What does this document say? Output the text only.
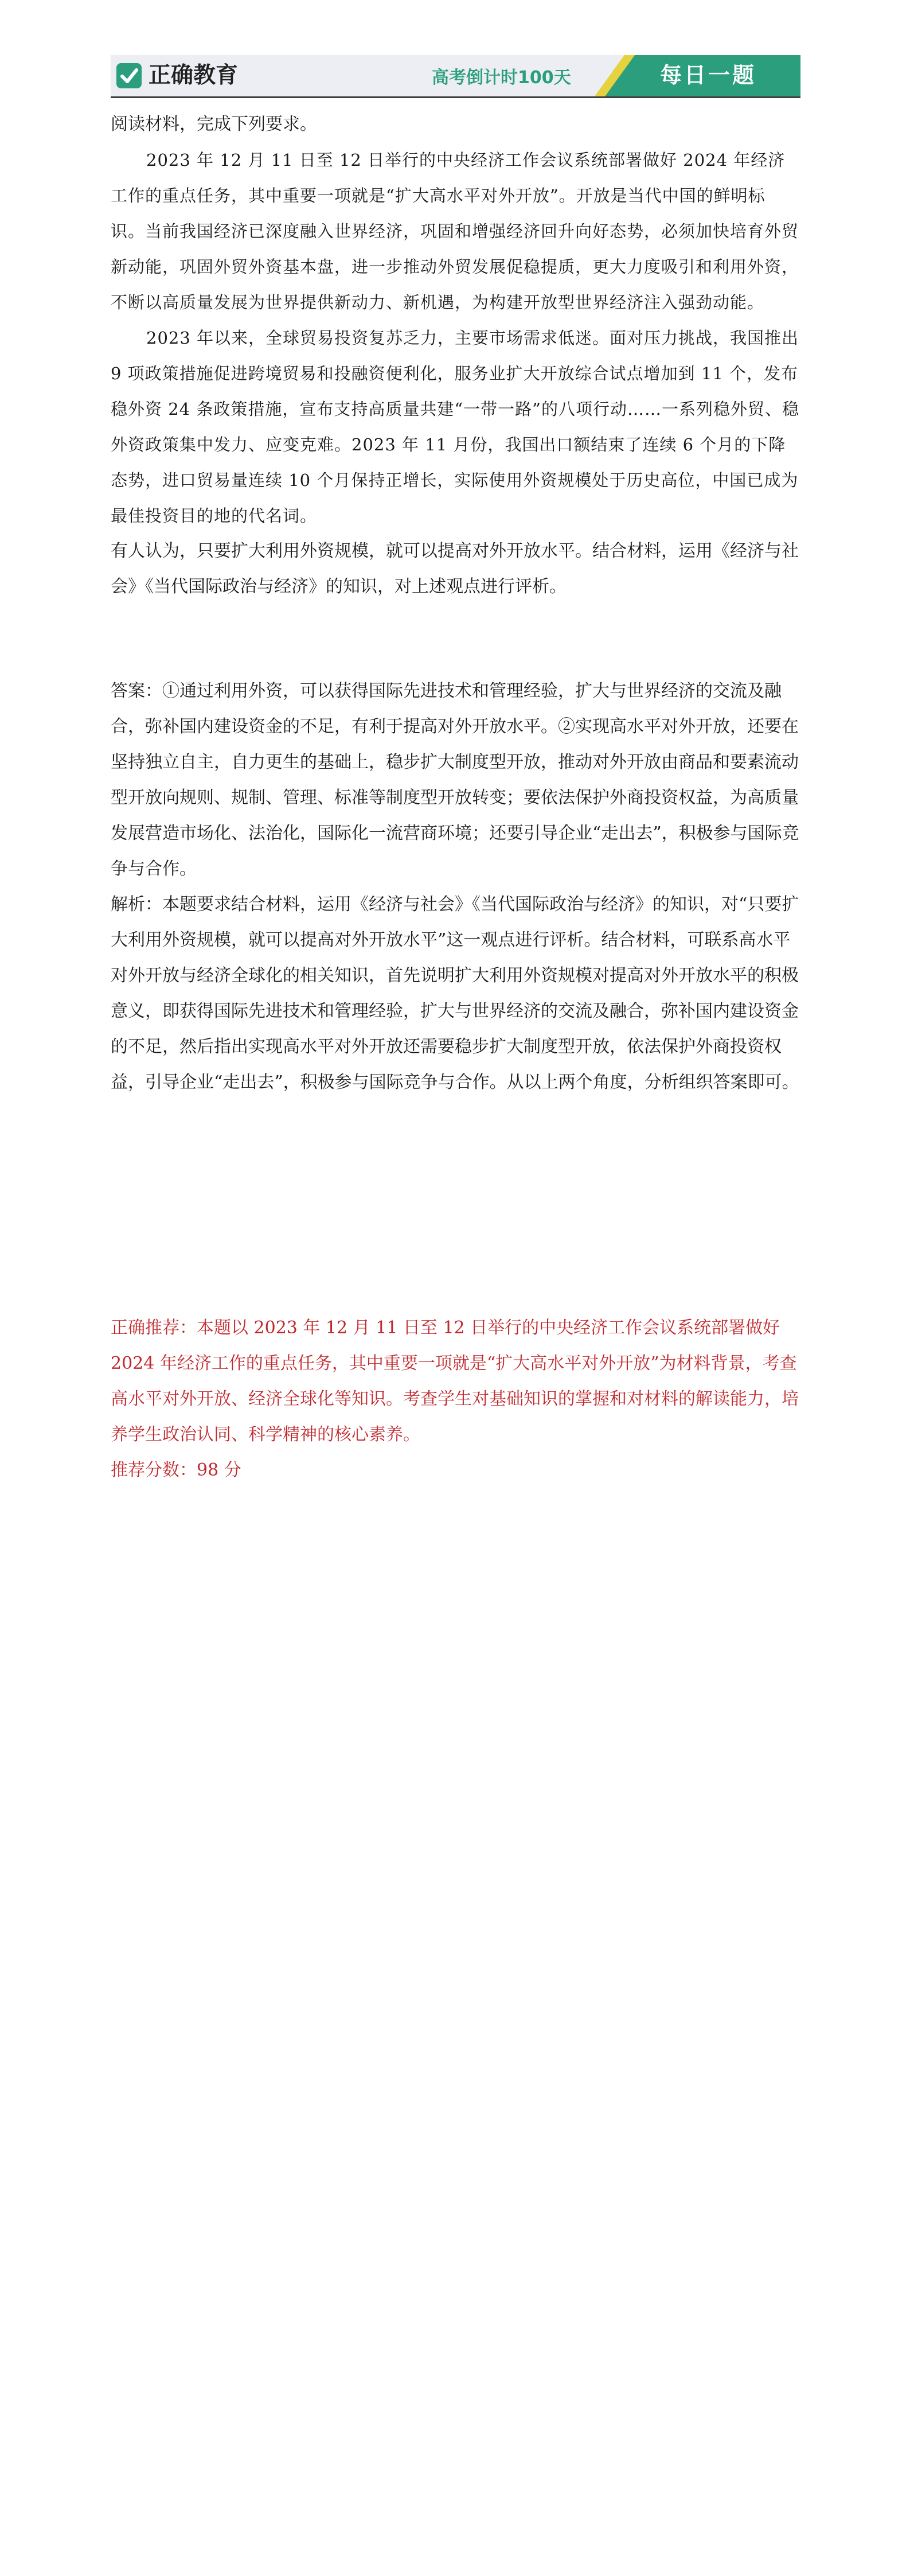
正确教育	高考倒计时100天	每日一题

阅读材料，完成下列要求。

2023 年 12 月 11 日至 12 日举行的中央经济工作会议系统部署做好 2024 年经济工作的重点任务，其中重要一项就是“扩大高水平对外开放”。开放是当代中国的鲜明标识。当前我国经济已深度融入世界经济，巩固和增强经济回升向好态势，必须加快培育外贸新动能，巩固外贸外资基本盘，进一步推动外贸发展促稳提质，更大力度吸引和利用外资，不断以高质量发展为世界提供新动力、新机遇，为构建开放型世界经济注入强劲动能。

2023 年以来，全球贸易投资复苏乏力，主要市场需求低迷。面对压力挑战，我国推出 9 项政策措施促进跨境贸易和投融资便利化，服务业扩大开放综合试点增加到 11 个，发布稳外资 24 条政策措施，宣布支持高质量共建“一带一路”的八项行动……一系列稳外贸、稳外资政策集中发力、应变克难。2023 年 11 月份，我国出口额结束了连续 6 个月的下降态势，进口贸易量连续 10 个月保持正增长，实际使用外资规模处于历史高位，中国已成为最佳投资目的地的代名词。

有人认为，只要扩大利用外资规模，就可以提高对外开放水平。结合材料，运用《经济与社会》《当代国际政治与经济》的知识，对上述观点进行评析。

答案：①通过利用外资，可以获得国际先进技术和管理经验，扩大与世界经济的交流及融合，弥补国内建设资金的不足，有利于提高对外开放水平。②实现高水平对外开放，还要在坚持独立自主，自力更生的基础上，稳步扩大制度型开放，推动对外开放由商品和要素流动型开放向规则、规制、管理、标准等制度型开放转变；要依法保护外商投资权益，为高质量发展营造市场化、法治化，国际化一流营商环境；还要引导企业“走出去”，积极参与国际竞争与合作。

解析：本题要求结合材料，运用《经济与社会》《当代国际政治与经济》的知识，对“只要扩大利用外资规模，就可以提高对外开放水平”这一观点进行评析。结合材料，可联系高水平对外开放与经济全球化的相关知识，首先说明扩大利用外资规模对提高对外开放水平的积极意义，即获得国际先进技术和管理经验，扩大与世界经济的交流及融合，弥补国内建设资金的不足，然后指出实现高水平对外开放还需要稳步扩大制度型开放，依法保护外商投资权益，引导企业“走出去”，积极参与国际竞争与合作。从以上两个角度，分析组织答案即可。

正确推荐：本题以 2023 年 12 月 11 日至 12 日举行的中央经济工作会议系统部署做好 2024 年经济工作的重点任务，其中重要一项就是“扩大高水平对外开放”为材料背景，考查高水平对外开放、经济全球化等知识。考查学生对基础知识的掌握和对材料的解读能力，培养学生政治认同、科学精神的核心素养。

推荐分数：98 分
